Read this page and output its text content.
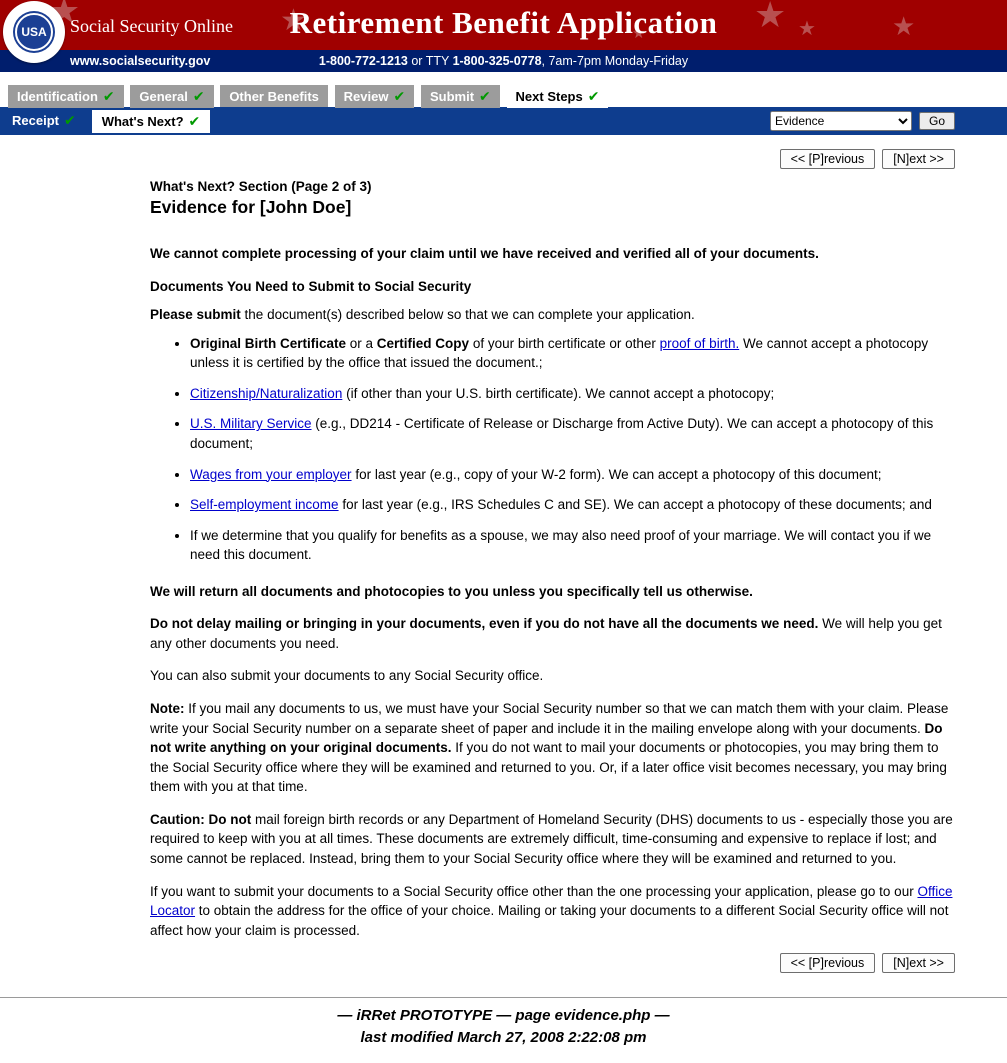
★
★
★
★
★
★
Social Security Online	Retirement Benefit Application
USA
www.socialsecurity.gov	1-800-772-1213 or TTY 1-800-325-0778, 7am-7pm Monday-Friday
Identification ✔	General ✔	Other Benefits Review ✔	Submit ✔	Next Steps✔
Receipt ✔	What's Next? ✔
Evidence	Go
<< [P]revious	[N]ext >>
What's Next? Section (Page 2 of 3)
Evidence for [John Doe]

We cannot complete processing of your claim until we have received and verified all of your documents.

Documents You Need to Submit to Social Security

Please submit the document(s) described below so that we can complete your application.

• Original Birth Certificate or a Certified Copy of your birth certificate or other proof of birth. We cannot accept a photocopy unless it is certified by the office that issued the document.;
• Citizenship/Naturalization (if other than your U.S. birth certificate). We cannot accept a photocopy;
• U.S. Military Service (e.g., DD214 - Certificate of Release or Discharge from Active Duty). We can accept a photocopy of this document;
• Wages from your employer for last year (e.g., copy of your W-2 form). We can accept a photocopy of this document;
• Self-employment income for last year (e.g., IRS Schedules C and SE). We can accept a photocopy of these documents; and
• If we determine that you qualify for benefits as a spouse, we may also need proof of your marriage. We will contact you if we need this document.

We will return all documents and photocopies to you unless you specifically tell us otherwise.

Do not delay mailing or bringing in your documents, even if you do not have all the documents we need. We will help you get any other documents you need.

You can also submit your documents to any Social Security office.

Note: If you mail any documents to us, we must have your Social Security number so that we can match them with your claim. Please write your Social Security number on a separate sheet of paper and include it in the mailing envelope along with your documents. Do not write anything on your original documents. If you do not want to mail your documents or photocopies, you may bring them to the Social Security office where they will be examined and returned to you. Or, if a later office visit becomes necessary, you may bring them with you at that time.

Caution: Do not mail foreign birth records or any Department of Homeland Security (DHS) documents to us - especially those you are required to keep with you at all times. These documents are extremely difficult, time-consuming and expensive to replace if lost; and some cannot be replaced. Instead, bring them to your Social Security office where they will be examined and returned to you.

If you want to submit your documents to a Social Security office other than the one processing your application, please go to our Office Locator to obtain the address for the office of your choice. Mailing or taking your documents to a different Social Security office will not affect how your claim is processed.

<< [P]revious	[N]ext >>
— iRRet PROTOTYPE — page evidence.php —
last modified March 27, 2008 2:22:08 pm
